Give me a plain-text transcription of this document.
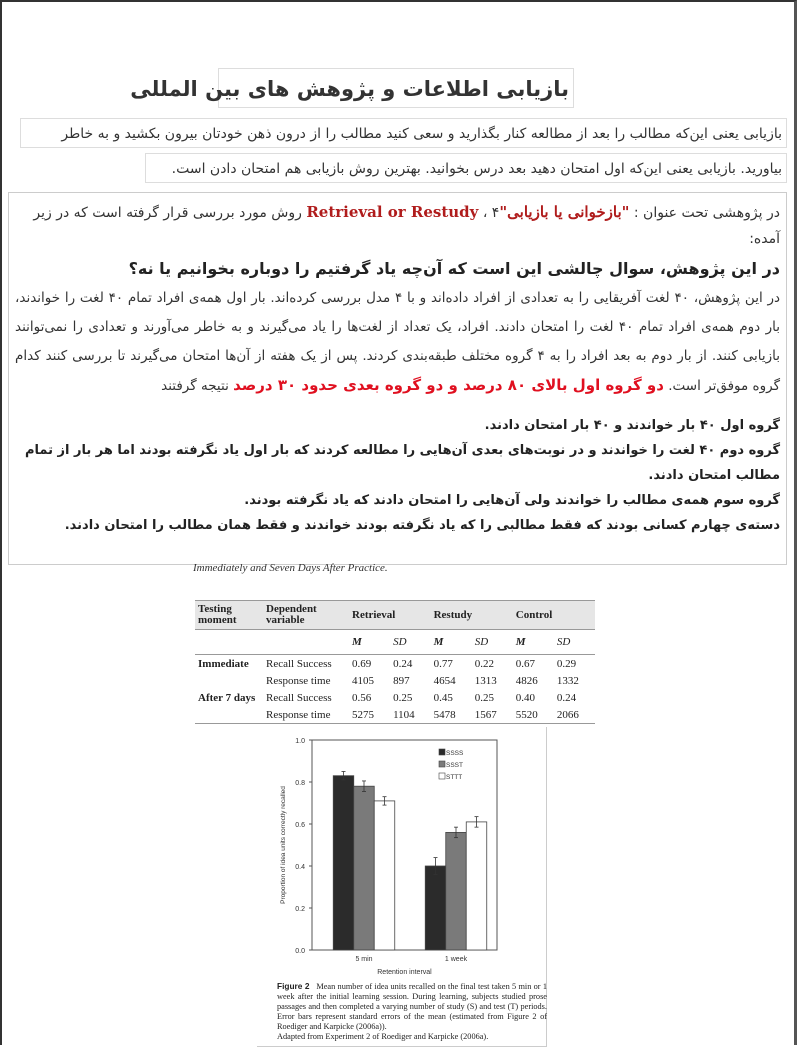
بازیابی اطلاعات و پژوهش های بین المللی
بازیابی یعنی این‌که مطالب را بعد از مطالعه کنار بگذارید و سعی کنید مطالب را از درون ذهن خودتان بیرون بکشید و به خاطر
بیاورید. بازیابی یعنی این‌که اول امتحان دهید بعد درس بخوانید. بهترین روش بازیابی هم امتحان دادن است.
در پژوهشی تحت عنوان : "بازخوانی یا بازیابی"Retrieval or Restudy ، ۴ روش مورد بررسی قرار گرفته است که در زیر آمده:
در این پژوهش، سوال چالشی این است که آن‌چه یاد گرفتیم را دوباره بخوانیم یا نه؟
در این پژوهش، ۴۰ لغت آفریقایی را به تعدادی از افراد داده‌اند و با ۴ مدل بررسی کرده‌اند. بار اول همه‌ی افراد تمام ۴۰ لغت را خواندند، بار دوم همه‌ی افراد تمام ۴۰ لغت را امتحان دادند. افراد، یک تعداد از لغت‌ها را یاد می‌گیرند و به خاطر می‌آورند و تعدادی را نمی‌توانند بازیابی کنند. از بار دوم به بعد افراد را به ۴ گروه مختلف طبقه‌بندی کردند. پس از یک هفته از آن‌ها امتحان می‌گیرند تا بررسی کنند کدام گروه موفق‌تر است. دو گروه اول بالای ۸۰ درصد و دو گروه بعدی حدود ۳۰ درصد نتیجه گرفتند
گروه اول ۴۰ بار خواندند و ۴۰ بار امتحان دادند.
گروه دوم ۴۰ لغت را خواندند و در نوبت‌های بعدی آن‌هایی را مطالعه کردند که بار اول یاد نگرفته بودند اما هر بار از تمام مطالب امتحان دادند.
گروه سوم همه‌ی مطالب را خواندند ولی آن‌هایی را امتحان دادند که یاد نگرفته بودند.
دسته‌ی چهارم کسانی بودند که فقط مطالبی را که یاد نگرفته بودند خواندند و فقط همان مطالب را امتحان دادند.
Immediately and Seven Days After Practice.
Testing moment	Dependent variable	Retrieval		Restudy		Control	
		M	SD	M	SD	M	SD
Immediate	Recall Success	0.69	0.24	0.77	0.22	0.67	0.29
	Response time	4105	897	4654	1313	4826	1332
After 7 days	Recall Success	0.56	0.25	0.45	0.25	0.40	0.24
	Response time	5275	1104	5478	1567	5520	2066
0.0
0.2
0.4
0.6
0.8
1.0
Proportion of idea units correctly recalled
Retention interval
5 min	1 week
SSSS
SSST
STTT
Figure 2 Mean number of idea units recalled on the final test taken 5 min or 1 week after the initial learning session. During learning, subjects studied prose passages and then completed a varying number of study (S) and test (T) periods. Error bars represent standard errors of the mean (estimated from Figure 2 of Roediger and Karpicke (2006a)).
Adapted from Experiment 2 of Roediger and Karpicke (2006a).
